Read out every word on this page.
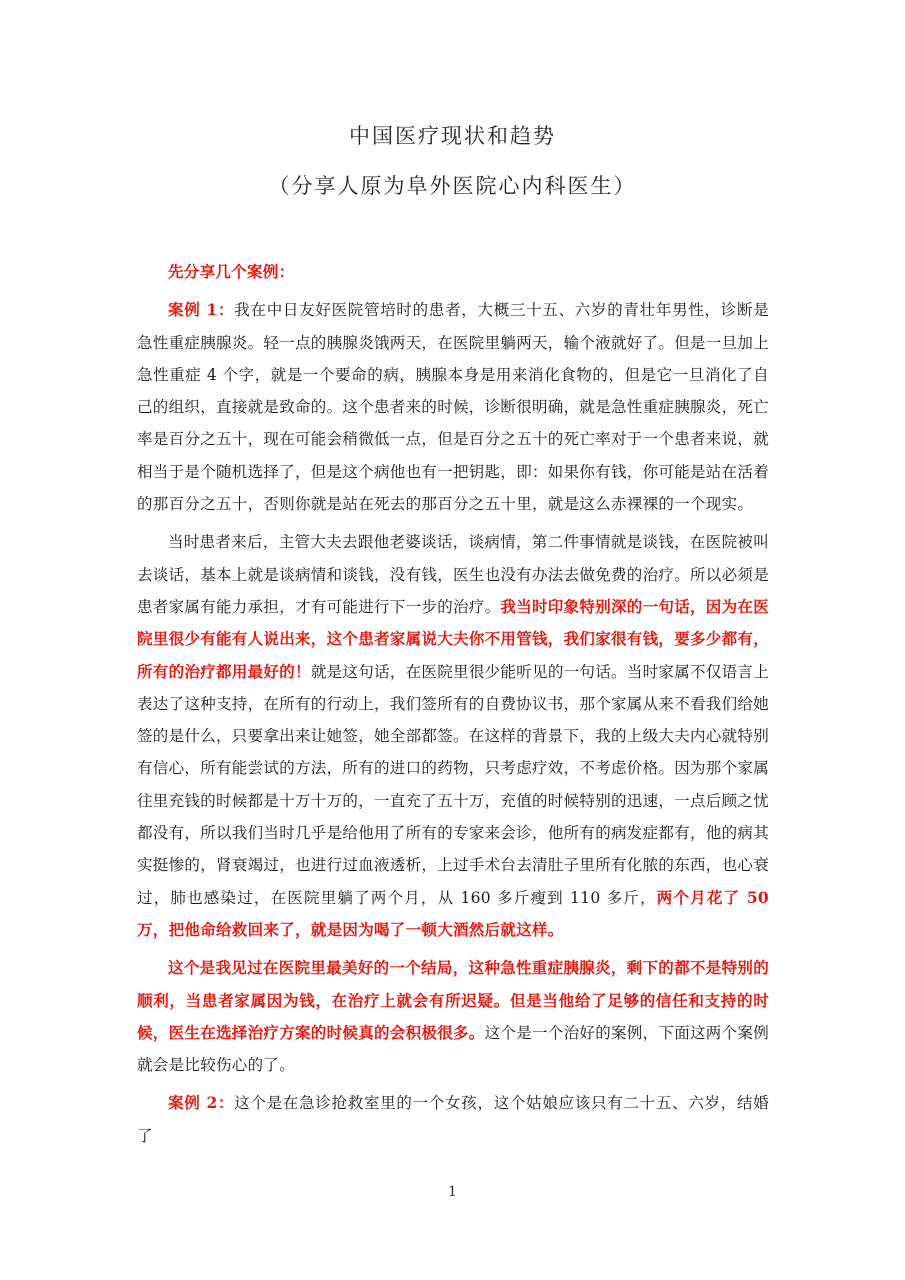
中国医疗现状和趋势
（分享人原为阜外医院心内科医生）

先分享几个案例：

案例 1：我在中日友好医院管培时的患者，大概三十五、六岁的青壮年男性，诊断是急性重症胰腺炎。轻一点的胰腺炎饿两天，在医院里躺两天，输个液就好了。但是一旦加上急性重症 4 个字，就是一个要命的病，胰腺本身是用来消化食物的，但是它一旦消化了自己的组织，直接就是致命的。这个患者来的时候，诊断很明确，就是急性重症胰腺炎，死亡率是百分之五十，现在可能会稍微低一点，但是百分之五十的死亡率对于一个患者来说，就相当于是个随机选择了，但是这个病他也有一把钥匙，即：如果你有钱，你可能是站在活着的那百分之五十，否则你就是站在死去的那百分之五十里，就是这么赤裸裸的一个现实。

当时患者来后，主管大夫去跟他老婆谈话，谈病情，第二件事情就是谈钱，在医院被叫去谈话，基本上就是谈病情和谈钱，没有钱，医生也没有办法去做免费的治疗。所以必须是患者家属有能力承担，才有可能进行下一步的治疗。我当时印象特别深的一句话，因为在医院里很少有能有人说出来，这个患者家属说大夫你不用管钱，我们家很有钱，要多少都有，所有的治疗都用最好的！就是这句话，在医院里很少能听见的一句话。当时家属不仅语言上表达了这种支持，在所有的行动上，我们签所有的自费协议书，那个家属从来不看我们给她签的是什么，只要拿出来让她签，她全部都签。在这样的背景下，我的上级大夫内心就特别有信心，所有能尝试的方法，所有的进口的药物，只考虑疗效，不考虑价格。因为那个家属往里充钱的时候都是十万十万的，一直充了五十万，充值的时候特别的迅速，一点后顾之忧都没有，所以我们当时几乎是给他用了所有的专家来会诊，他所有的病发症都有，他的病其实挺惨的，肾衰竭过，也进行过血液透析，上过手术台去清肚子里所有化脓的东西，也心衰过，肺也感染过，在医院里躺了两个月，从 160 多斤瘦到 110 多斤，两个月花了 50 万，把他命给救回来了，就是因为喝了一顿大酒然后就这样。

这个是我见过在医院里最美好的一个结局，这种急性重症胰腺炎，剩下的都不是特别的顺利，当患者家属因为钱，在治疗上就会有所迟疑。但是当他给了足够的信任和支持的时候，医生在选择治疗方案的时候真的会积极很多。这个是一个治好的案例，下面这两个案例就会是比较伤心的了。

案例 2：这个是在急诊抢救室里的一个女孩，这个姑娘应该只有二十五、六岁，结婚了

1
